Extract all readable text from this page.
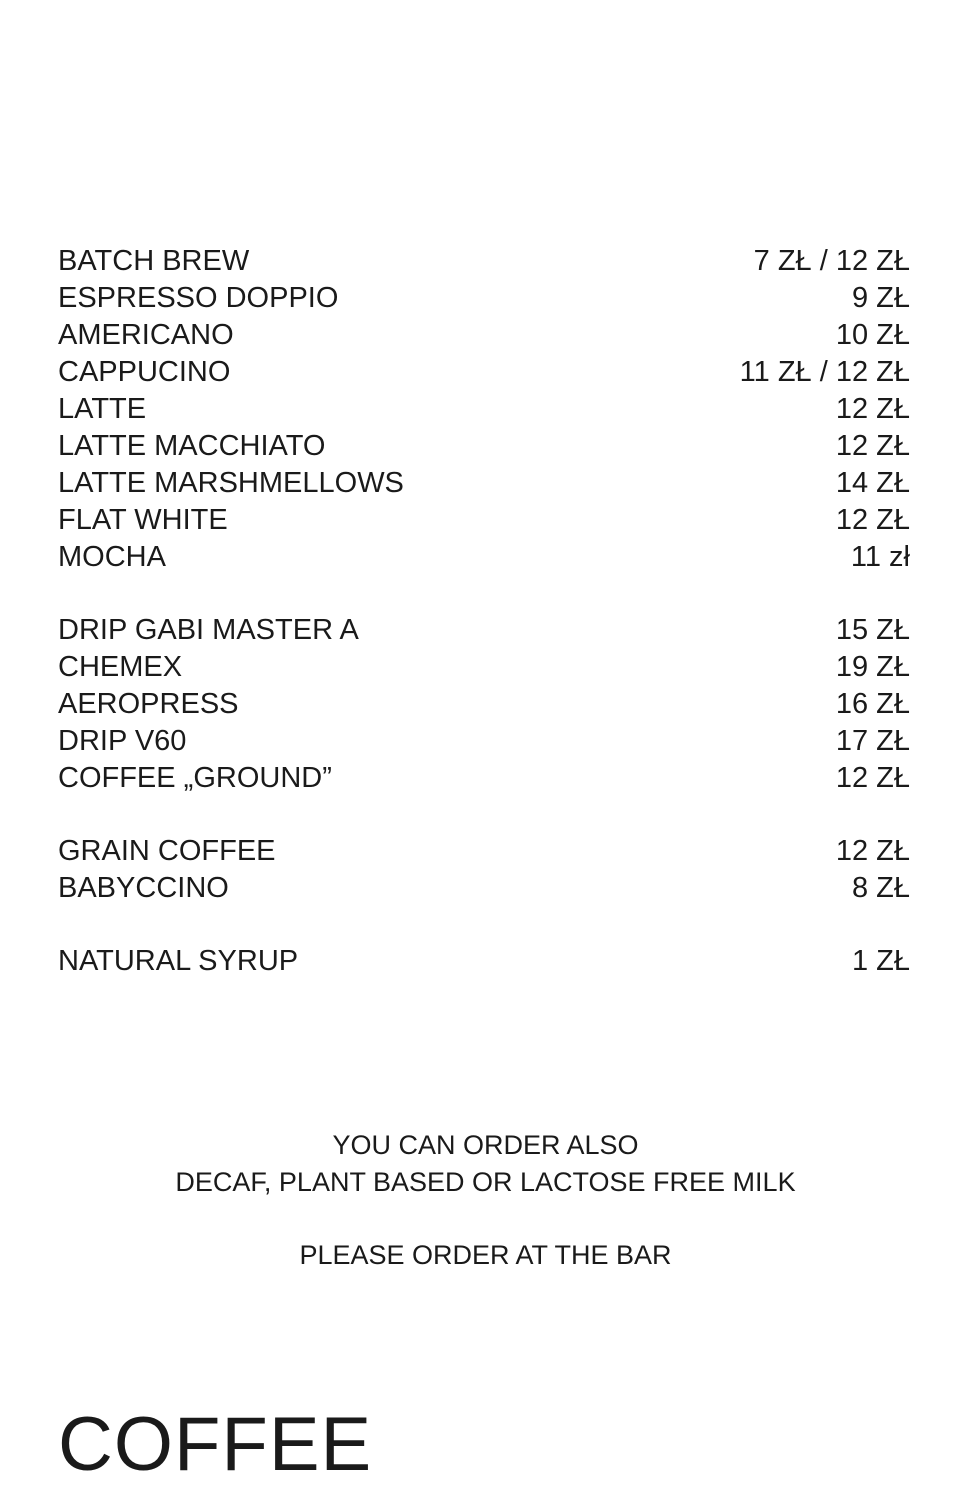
BATCH BREW	7 ZŁ / 12 ZŁ
ESPRESSO DOPPIO	9 ZŁ
AMERICANO	10 ZŁ
CAPPUCINO	11 ZŁ / 12 ZŁ
LATTE	12 ZŁ
LATTE MACCHIATO	12 ZŁ
LATTE MARSHMELLOWS	14 ZŁ
FLAT WHITE	12 ZŁ
MOCHA	11 zł
DRIP GABI MASTER A	15 ZŁ
CHEMEX	19 ZŁ
AEROPRESS	16 ZŁ
DRIP V60	17 ZŁ
COFFEE „GROUND”	12 ZŁ
GRAIN COFFEE	12 ZŁ
BABYCCINO	8 ZŁ
NATURAL SYRUP	1 ZŁ
YOU CAN ORDER ALSO
DECAF, PLANT BASED OR LACTOSE FREE MILK
PLEASE ORDER AT THE BAR
COFFEE
